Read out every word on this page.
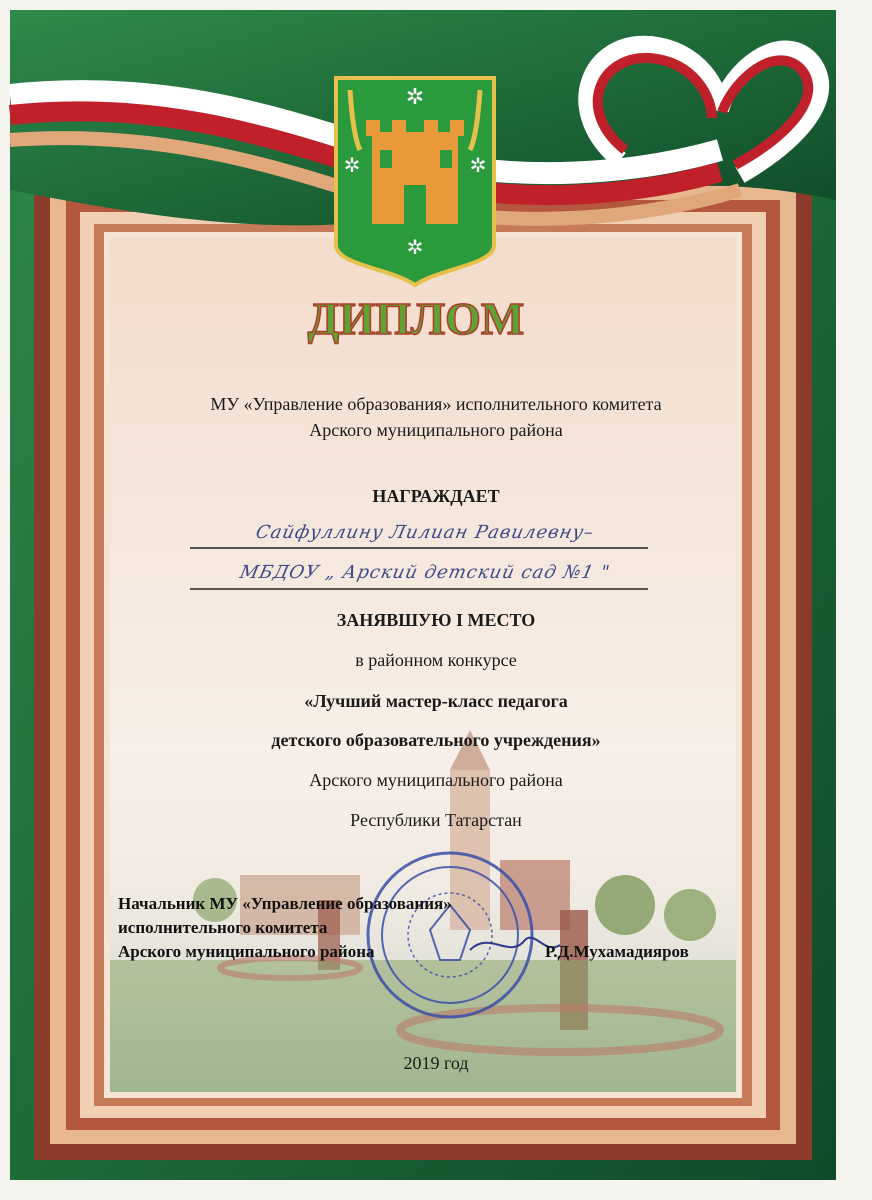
✲
✲	✲
✲
ДИПЛОМ
МУ «Управление образования» исполнительного комитета
Арского муниципального района
НАГРАЖДАЕТ
Сайфуллину Лилиан Равилевну–
МБДОУ „ Арский детский сад №1 "
ЗАНЯВШУЮ I МЕСТО
в районном конкурсе
«Лучший мастер-класс педагога
детского образовательного учреждения»
Арского муниципального района
Республики Татарстан
Начальник МУ «Управление образования»
исполнительного комитета
Арского муниципального района	Р.Д.Мухамадияров
2019 год
